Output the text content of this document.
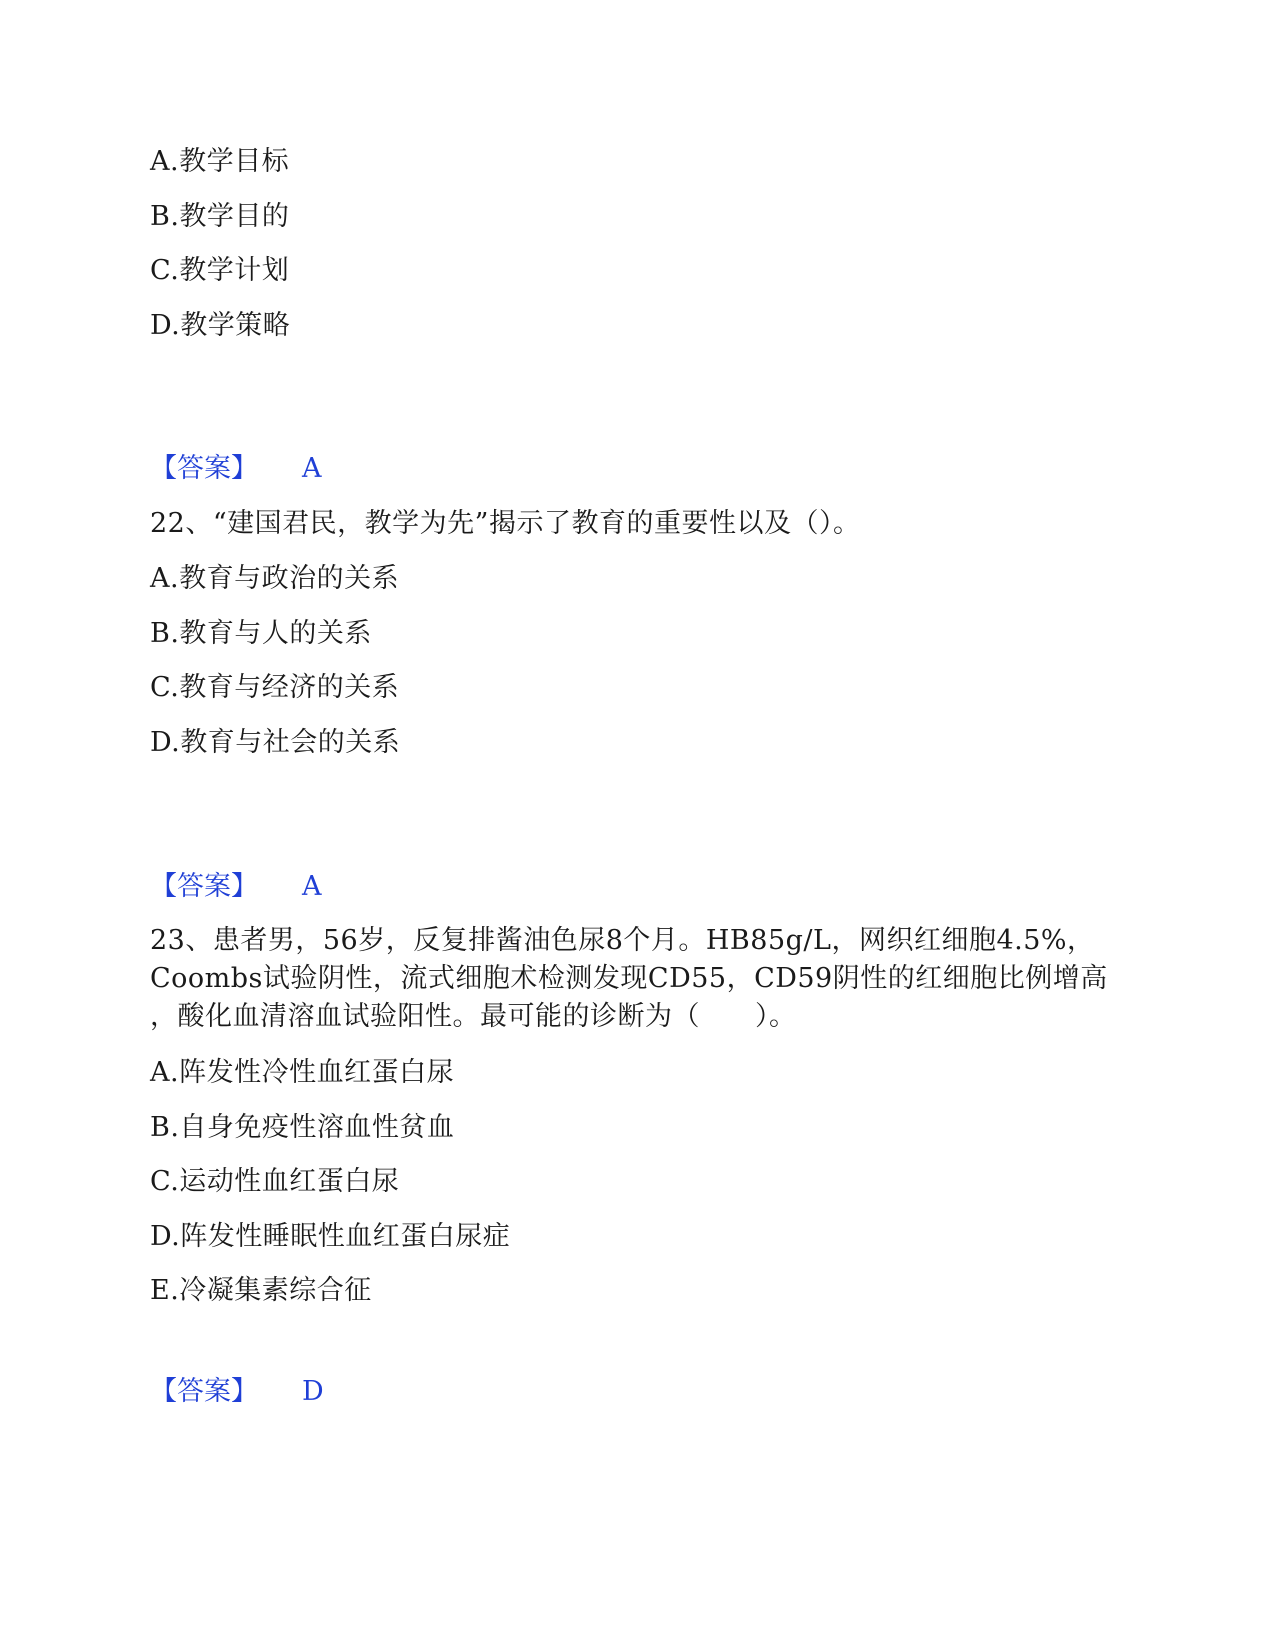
A.教学目标
B.教学目的
C.教学计划
D.教学策略
【答案】 A
22、“建国君民，教学为先”揭示了教育的重要性以及（）。
A.教育与政治的关系
B.教育与人的关系
C.教育与经济的关系
D.教育与社会的关系
【答案】 A
23、患者男，56岁，反复排酱油色尿8个月。HB85g/L，网织红细胞4.5%，
Coombs试验阴性，流式细胞术检测发现CD55，CD59阴性的红细胞比例增高
，酸化血清溶血试验阳性。最可能的诊断为（　　）。
A.阵发性冷性血红蛋白尿
B.自身免疫性溶血性贫血
C.运动性血红蛋白尿
D.阵发性睡眠性血红蛋白尿症
E.冷凝集素综合征
【答案】 D
